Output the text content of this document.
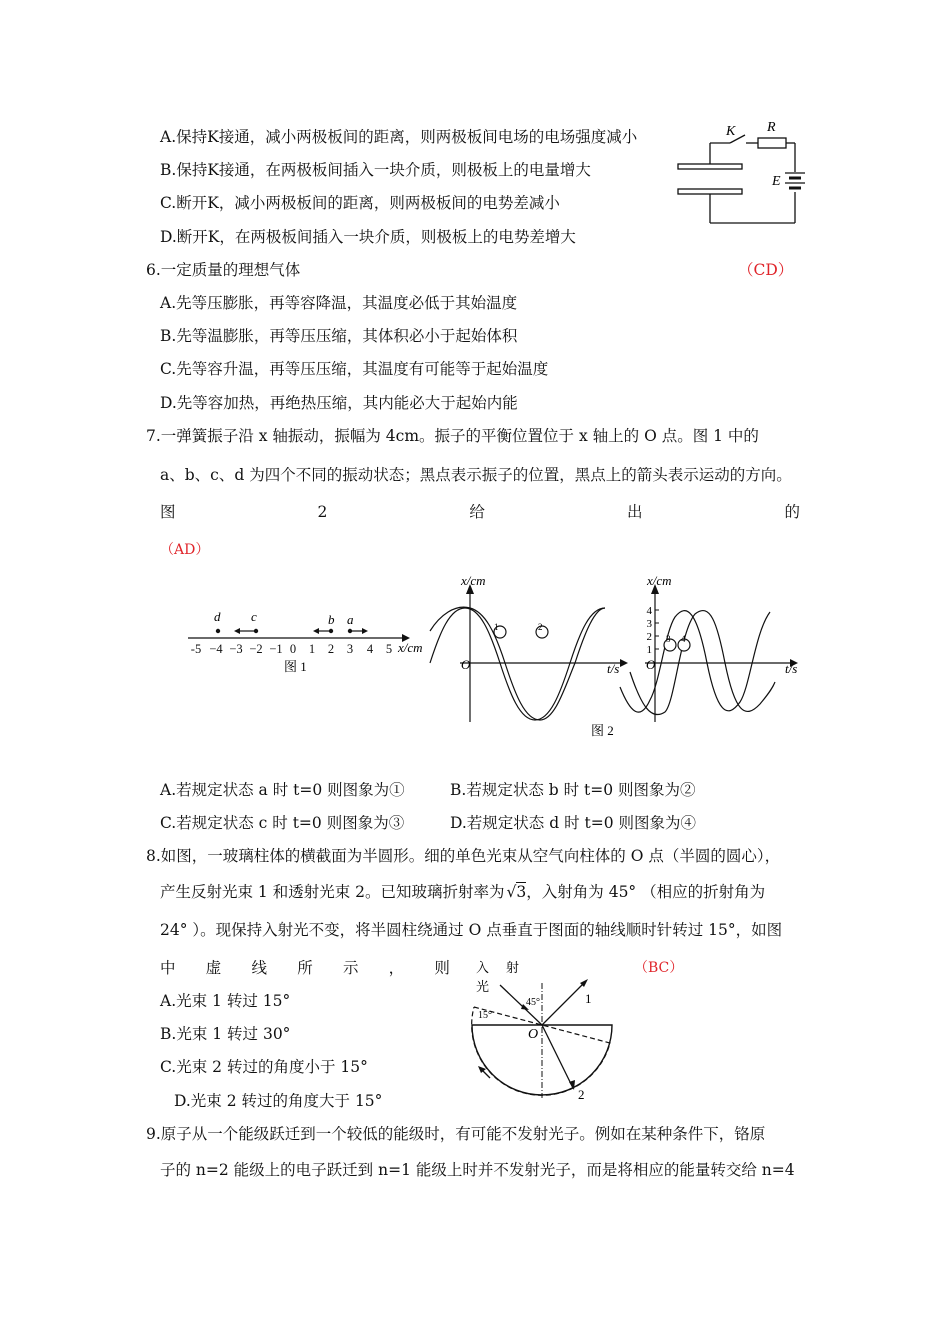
A.保持K接通，减小两极板间的距离，则两极板间电场的电场强度减小
B.保持K接通，在两极板间插入一块介质，则极板上的电量增大
C.断开K，减小两极板间的距离，则两极板间的电势差减小
D.断开K，在两极板间插入一块介质，则极板上的电势差增大
K R
E
6.一定质量的理想气体	（CD）
A.先等压膨胀，再等容降温，其温度必低于其始温度
B.先等温膨胀，再等压压缩，其体积必小于起始体积
C.先等容升温，再等压压缩，其温度有可能等于起始温度
D.先等容加热，再绝热压缩，其内能必大于起始内能
7.一弹簧振子沿 x 轴振动，振幅为 4cm。振子的平衡位置位于 x 轴上的 O 点。图 1 中的
a、b、c、d 为四个不同的振动状态；黑点表示振子的位置，黑点上的箭头表示运动的方向。
图	2	给	出	的
（AD）
-5 −4 −3 −2 −1 0 1 2 3 4 5 x/cm
d c	b a
图 1
x/cm
t/s
O
1	2
x/cm
t/s
4
3
2
1
O
3 4
图 2
A.若规定状态 a 时 t=0 则图象为①	B.若规定状态 b 时 t=0 则图象为②
C.若规定状态 c 时 t=0 则图象为③	D.若规定状态 d 时 t=0 则图象为④
8.如图，一玻璃柱体的横截面为半圆形。细的单色光束从空气向柱体的 O 点（半圆的圆心），
产生反射光束 1 和透射光束 2。已知玻璃折射率为 √3，入射角为 45° （相应的折射角为
24° ）。现保持入射光不变，将半圆柱绕通过 O 点垂直于图面的轴线顺时针转过 15°，如图
中 虚 线 所 示 ， 则	（BC）
A.光束 1 转过 15°
B.光束 1 转过 30°
C.光束 2 转过的角度小于 15°
D.光束 2 转过的角度大于 15°
入 射
光
45°
15°
O
1
2
9.原子从一个能级跃迁到一个较低的能级时，有可能不发射光子。例如在某种条件下，铬原
子的 n=2 能级上的电子跃迁到 n=1 能级上时并不发射光子，而是将相应的能量转交给 n=4
